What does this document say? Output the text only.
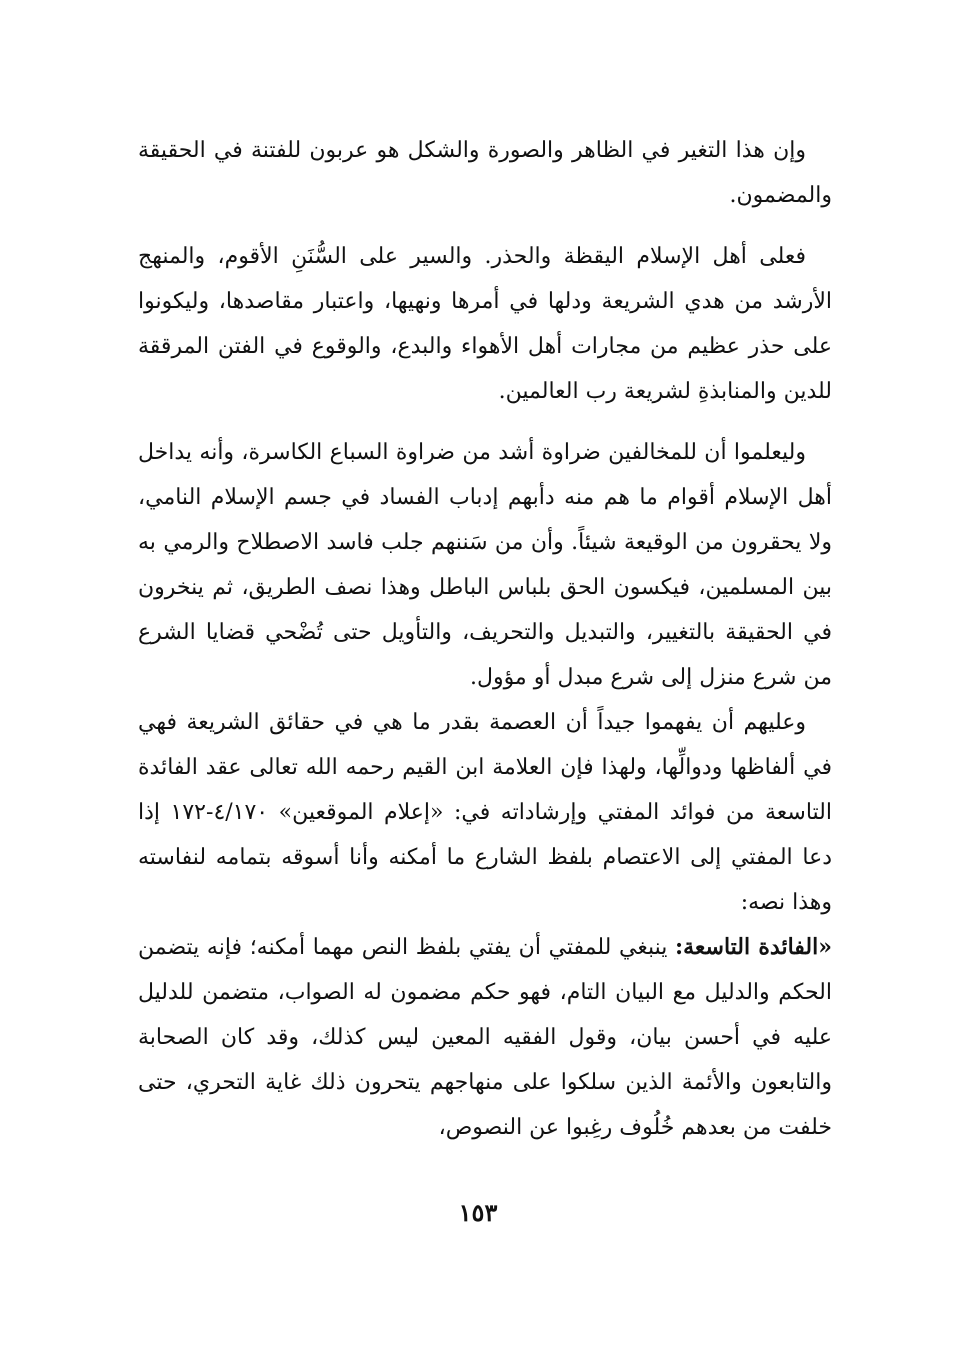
وإن هذا التغير في الظاهر والصورة والشكل هو عربون للفتنة في الحقيقة والمضمون.

فعلى أهل الإسلام اليقظة والحذر. والسير على السُّنَنِ الأقوم، والمنهج الأرشد من هدي الشريعة ودلها في أمرها ونهيها، واعتبار مقاصدها، وليكونوا على حذر عظيم من مجارات أهل الأهواء والبدع، والوقوع في الفتن المرققة للدين والمنابذةِ لشريعة رب العالمين.

وليعلموا أن للمخالفين ضراوة أشد من ضراوة السباع الكاسرة، وأنه يداخل أهل الإسلام أقوام ما هم منه دأبهم إدباب الفساد في جسم الإسلام النامي، ولا يحقرون من الوقيعة شيئاً. وأن من سَننهم جلب فاسد الاصطلاح والرمي به بين المسلمين، فيكسون الحق بلباس الباطل وهذا نصف الطريق، ثم ينخرون في الحقيقة بالتغيير، والتبديل والتحريف، والتأويل حتى تُضْحي قضايا الشرع من شرع منزل إلى شرع مبدل أو مؤول.

وعليهم أن يفهموا جيداً أن العصمة بقدر ما هي في حقائق الشريعة فهي في ألفاظها ودوالِّها، ولهذا فإن العلامة ابن القيم رحمه الله تعالى عقد الفائدة التاسعة من فوائد المفتي وإرشاداته في: «إعلام الموقعين» ٤/١٧٠-١٧٢ إذا دعا المفتي إلى الاعتصام بلفظ الشارع ما أمكنه وأنا أسوقه بتمامه لنفاسته وهذا نصه:

«الفائدة التاسعة: ينبغي للمفتي أن يفتي بلفظ النص مهما أمكنه؛ فإنه يتضمن الحكم والدليل مع البيان التام، فهو حكم مضمون له الصواب، متضمن للدليل عليه في أحسن بيان، وقول الفقيه المعين ليس كذلك، وقد كان الصحابة والتابعون والأئمة الذين سلكوا على منهاجهم يتحرون ذلك غاية التحري، حتى خلفت من بعدهم خُلُوف رغِبوا عن النصوص،

١٥٣
